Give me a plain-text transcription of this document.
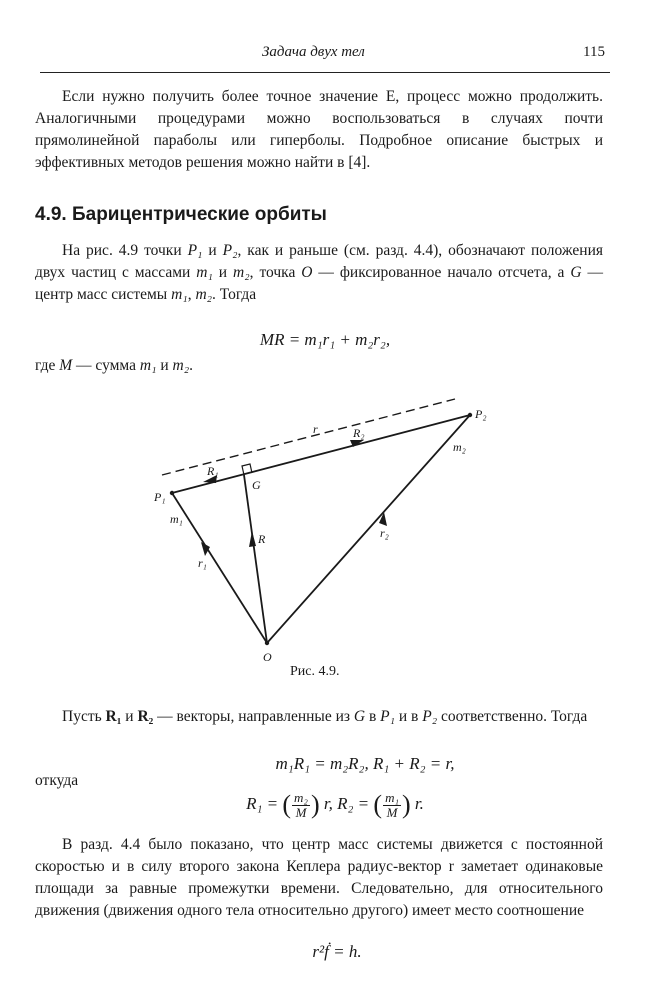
Задача двух тел	115

Если нужно получить более точное значение E, процесс можно продолжить. Аналогичными процедурами можно воспользоваться в случаях почти прямолинейной параболы или гиперболы. Подробное описание быстрых и эффективных методов решения можно найти в [4].

4.9. Барицентрические орбиты

На рис. 4.9 точки P₁ и P₂, как и раньше (см. разд. 4.4), обозначают положения двух частиц с массами m₁ и m₂, точка O — фиксированное начало отсчета, а G — центр масс системы m₁, m₂. Тогда

MR = m₁r₁ + m₂r₂,

где M — сумма m₁ и m₂.

P₁
P₂
G
O
R
R₁
R₂
r
r₁
r₂
m₁
m₂

Рис. 4.9.

Пусть R₁ и R₂ — векторы, направленные из G в P₁ и в P₂ соответственно. Тогда

m₁R₁ = m₂R₂, R₁ + R₂ = r,

откуда

R₁ = ( $\frac{\text{m₂}}{M}$ ) r, R₂ = ( $\frac{\text{m₁}}{M}$ ) r.

В разд. 4.4 было показано, что центр масс системы движется с постоянной скоростью и в силу второго закона Кеплера радиус-вектор r заметает одинаковые площади за равные промежутки времени. Следовательно, для относительного движения (движения одного тела относительно другого) имеет место соотношение

r²ḟ = h.
